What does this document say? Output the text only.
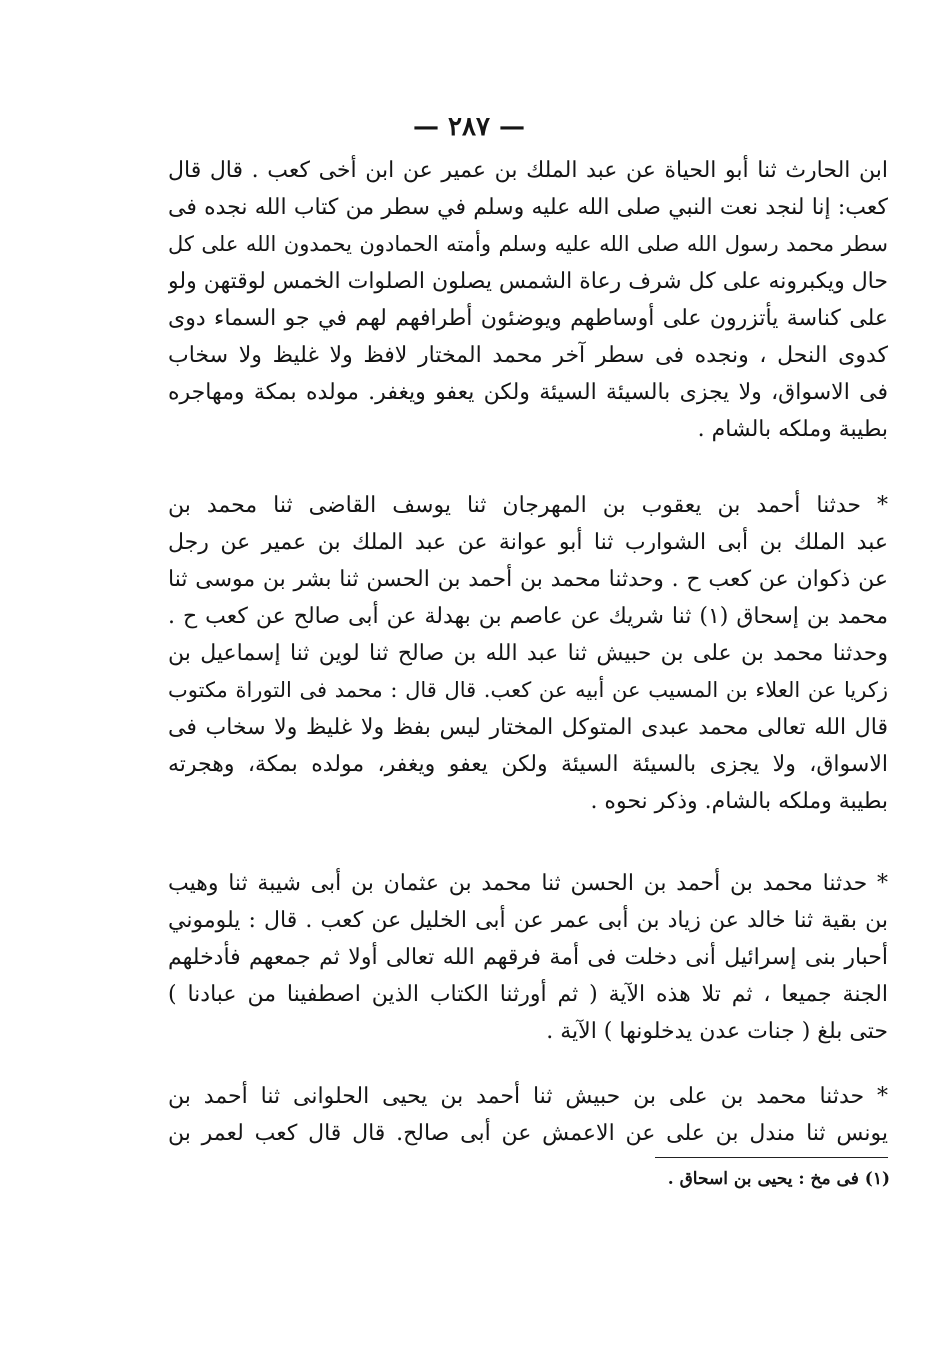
— ٢٨٧ —
ابن الحارث ثنا أبو الحياة عن عبد الملك بن عمير عن ابن أخى كعب . قال قال
كعب: إنا لنجد نعت النبي صلى الله عليه وسلم في سطر من كتاب الله نجده فى
سطر محمد رسول الله صلى الله عليه وسلم وأمته الحمادون يحمدون الله على كل
حال ويكبرونه على كل شرف رعاة الشمس يصلون الصلوات الخمس لوقتهن ولو
على كناسة يأتزرون على أوساطهم ويوضئون أطرافهم لهم في جو السماء دوى
كدوى النحل ، ونجده فى سطر آخر محمد المختار لافظ ولا غليظ ولا سخاب
فى الاسواق، ولا يجزى بالسيئة السيئة ولكن يعفو ويغفر. مولده بمكة ومهاجره
بطيبة وملكه بالشام .
* حدثنا أحمد بن يعقوب بن المهرجان ثنا يوسف القاضى ثنا محمد بن
عبد الملك بن أبى الشوارب ثنا أبو عوانة عن عبد الملك بن عمير عن رجل
عن ذكوان عن كعب ح . وحدثنا محمد بن أحمد بن الحسن ثنا بشر بن موسى ثنا
محمد بن إسحاق (١) ثنا شريك عن عاصم بن بهدلة عن أبى صالح عن كعب ح .
وحدثنا محمد بن على بن حبيش ثنا عبد الله بن صالح ثنا لوين ثنا إسماعيل بن
زكريا عن العلاء بن المسيب عن أبيه عن كعب. قال قال : محمد فى التوراة مكتوب
قال الله تعالى محمد عبدى المتوكل المختار ليس بفظ ولا غليظ ولا سخاب فى
الاسواق، ولا يجزى بالسيئة السيئة ولكن يعفو ويغفر، مولده بمكة، وهجرته
بطيبة وملكه بالشام. وذكر نحوه .
* حدثنا محمد بن أحمد بن الحسن ثنا محمد بن عثمان بن أبى شيبة ثنا وهيب
بن بقية ثنا خالد عن زياد بن أبى عمر عن أبى الخليل عن كعب . قال : يلوموني
أحبار بنى إسرائيل أنى دخلت فى أمة فرقهم الله تعالى أولا ثم جمعهم فأدخلهم
الجنة جميعا ، ثم تلا هذه الآية ( ثم أورثنا الكتاب الذين اصطفينا من عبادنا )
حتى بلغ ( جنات عدن يدخلونها ) الآية .
* حدثنا محمد بن على بن حبيش ثنا أحمد بن يحيى الحلوانى ثنا أحمد بن
يونس ثنا مندل بن على عن الاعمش عن أبى صالح. قال قال كعب لعمر بن
(١) فى مخ : يحيى بن اسحاق .
